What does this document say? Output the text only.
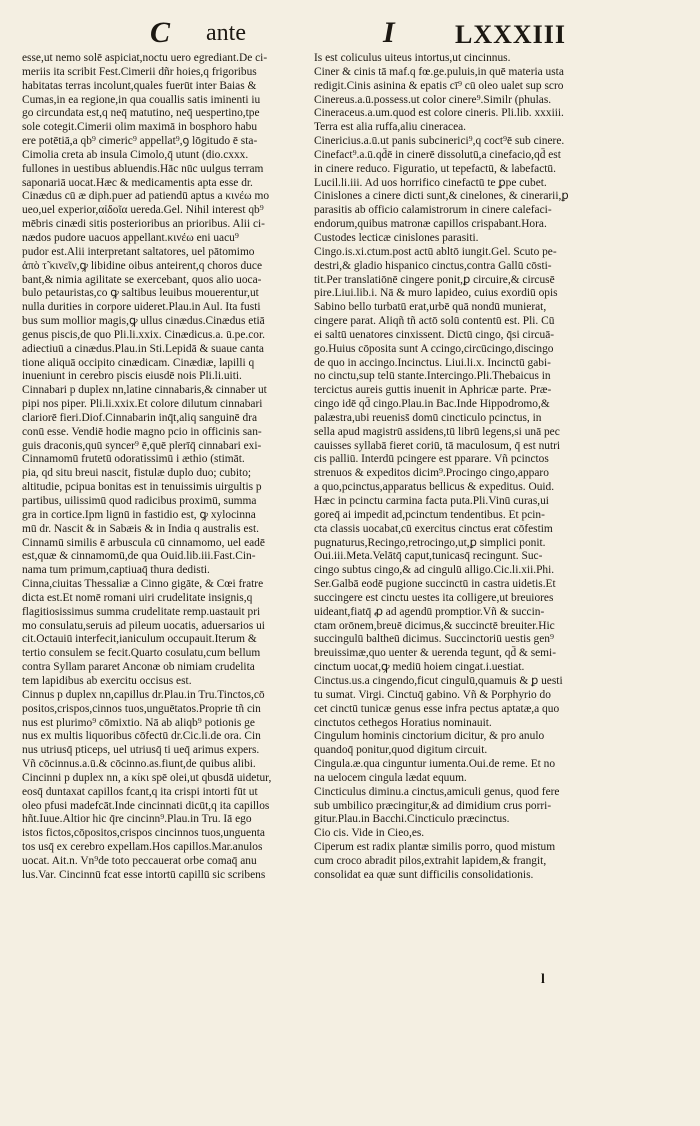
C ante	I LXXXIII
esse,ut nemo solē aspiciat,noctu uero egrediant.De ci-
meriis ita scribit Fest.Cimerii dñr hoies,q frigoribus
habitatas terras incolunt,quales fuerūt inter Baias &
Cumas,in ea regione,in qua couallis satis iminenti iu
go circundata est,q neq̄ matutino, neq̄ uespertino,tpe
sole cotegit.Cimerii olim maximā in bosphoro habu
ere potētiā,a qb⁹ cimeric⁹ appellat⁹,ꝯ lōgitudo ē sta-
Cimolia creta ab insula Cimolo,q̄ utunt (dio.cxxx.
fullones in uestibus abluendis.Hāc nūc uulgus terram
saponariā uocat.Hæc & medicamentis apta esse dr.
Cinædus cū æ diph.puer ad patiendū aptus a κινέω mo
ueo,uel experior,αἰδοῖα uereda.Gel. Nihil interest qb⁹
mēbris cinædi sitis posterioribus an prioribus. Alii ci-
nædos pudore uacuos appellant.κινέω eni uacu⁹
pudor est.Alii interpretant saltatores, uel pātomimo
ἀπὸ τ̃ κινεῖν,ꝙ libidine oibus anteirent,q choros duce
bant,& nimia agilitate se exercebant, quos alio uoca-
bulo petauristas,co ꝙ saltibus leuibus mouerentur,ut
nulla durities in corpore uideret.Plau.in Aul. Ita fusti
bus sum mollior magis,ꝙ ullus cinædus.Cinædus etiā
genus piscis,de quo Pli.li.xxix. Cinædicus.a. ū.pe.cor.
adiectiuū a cinædus.Plau.in Sti.Lepidā & suaue canta
tione aliquā occipito cinædicam. Cinædiæ, lapilli q
inueniunt in cerebro piscis eiusdē nois Pli.li.uiti.
Cinnabari p duplex nn,latine cinnabaris,& cinnaber ut
pipi nos piper. Pli.li.xxix.Et colore dilutum cinnabari
clariorē fieri.Diof.Cinnabarin inq̄t,aliq sanguinē dra
conū esse. Vendiē hodie magno pcio in officinis san-
guis draconis,quū syncer⁹ ē,quē plerīq̄ cinnabari exi-
Cinnamomū frutetū odoratissimū i æthio (stimāt.
pia, qd situ breui nascit, fistulæ duplo duo; cubito;
altitudie, pcipua bonitas est in tenuissimis uirgultis p
partibus, uilissimū quod radicibus proximū, summa
gra in cortice.Ipm lignū in fastidio est, ꝙ xylocinna
mū dr. Nascit & in Sabæis & in India q australis est.
Cinnamū similis ē arbuscula cū cinnamomo, uel eadē
est,quæ & cinnamomū,de qua Ouid.lib.iii.Fast.Cin-
nama tum primum,captiuaq̄ thura dedisti.
Cinna,ciuitas Thessaliæ a Cinno gigāte, & Cœi fratre
dicta est.Et nomē romani uiri crudelitate insignis,q
flagitiosissimus summa crudelitate remp.uastauit pri
mo consulatu,seruis ad pileum uocatis, aduersarios ui
cit.Octauiū interfecit,ianiculum occupauit.Iterum &
tertio consulem se fecit.Quarto cosulatu,cum bellum
contra Syllam pararet Anconæ ob nimiam crudelita
tem lapidibus ab exercitu occisus est.
Cinnus p duplex nn,capillus dr.Plau.in Tru.Tinctos,cō
positos,crispos,cinnos tuos,unguētatos.Proprie tñ cin
nus est plurimo⁹ cōmixtio. Nā ab aliqb⁹ potionis ge
nus ex multis liquoribus cōfectū dr.Cic.li.de ora. Cin
nus utriusq̄ pticeps, uel utriusq̄ ti ueq̄ arimus expers.
Vñ cōcinnus.a.ū.& cōcinno.as.fiunt,de quibus alibi.
Cincinni p duplex nn, a κίκι spē olei,ut qbusdā uidetur,
eosq̄ duntaxat capillos fcant,q ita crispi intorti fūt ut
oleo pfusi madefcāt.Inde cincinnati dicūt,q ita capillos
hñt.Iuue.Altior hic q̄re cincinn⁹.Plau.in Tru. Iā ego
istos fictos,cōpositos,crispos cincinnos tuos,unguenta
tos usq̄ ex cerebro expellam.Hos capillos.Mar.anulos
uocat. Ait.n. Vn⁹de toto peccauerat orbe comaq̄ anu
lus.Var. Cincinnū fcat esse intortū capillū sic scribens
Is est coliculus uiteus intortus,ut cincinnus.
Ciner & cinis tā maf.q fœ.ge.puluis,in quē materia usta
redigit.Cinis asinina & epatis cī⁹ cū oleo ualet sup scro
Cinereus.a.ū.possess.ut color cinere⁹.Similr (phulas.
Cineraceus.a.um.quod est colore cineris. Pli.lib. xxxiii.
Terra est alia ruffa,aliu cineracea.
Cinericius.a.ū.ut panis subcinerici⁹,q coct⁹ē sub cinere.
Cinefact⁹.a.ū.qd̄ē in cinerē dissolutū,a cinefacio,qd̄ est
in cinere reduco. Figuratio, ut tepefactū, & labefactū.
Lucil.li.iii. Ad uos horrifico cinefactū te ꝑpe cubet.
Cinislones a cinere dicti sunt,& cinelones, & cinerarii,ꝑ
parasitis ab officio calamistrorum in cinere calefaci-
endorum,quibus matronæ capillos crispabant.Hora.
Custodes lecticæ cinislones parasiti.
Cingo.is.xi.ctum.post actū abltō iungit.Gel. Scuto pe-
destri,& gladio hispanico cinctus,contra Gallū cōsti-
tit.Per translatiōnē cingere ponit,ꝑ circuire,& circusē
pire.Liui.lib.i. Nā & muro lapideo, cuius exordiū opis
Sabino bello turbatū erat,urbē quā nondū munierat,
cingere parat. Aliqñ tñ actō solū contentū est. Pli. Cū
ei saltū uenatores cinxissent. Dictū cingo, q̄si circuā-
go.Huius cōposita sunt A ccingo,circūcingo,discingo
de quo in accingo.Incinctus. Liui.li.x. Incinctū gabi-
no cinctu,sup telū stante.Intercingo.Pli.Thebaicus in
tercictus aureis guttis inuenit in Aphricæ parte. Præ-
cingo idē qd̄ cingo.Plau.in Bac.Inde Hippodromo,&
palæstra,ubi reueniss̄ domū cincticulo pcinctus, in
sella apud magistrū assidens,tū librū legens,si unā pec
cauisses syllabā fieret coriū, tā maculosum, q̄ est nutri
cis palliū. Interdū pcingere est pparare. Vñ pcinctos
strenuos & expeditos dicim⁹.Procingo cingo,apparo
a quo,pcinctus,apparatus bellicus & expeditus. Ouid.
Hæc in pcinctu carmina facta puta.Pli.Vinū curas,ui
goreq̄ ai impedit ad,pcinctum tendentibus. Et pcin-
cta classis uocabat,cū exercitus cinctus erat cōfestim
pugnaturus,Recingo,retrocingo,ut,ꝑ simplici ponit.
Oui.iii.Meta.Velātq̄ caput,tunicasq̄ recingunt. Suc-
cingo subtus cingo,& ad cingulū alligo.Cic.li.xii.Phi.
Ser.Galbā eodē pugione succinctū in castra uidetis.Et
succingere est cinctu uestes ita colligere,ut breuiores
uideant,fiatq̄ ꝓ ad agendū promptior.Vñ & succin-
ctam orōnem,breuē dicimus,& succinctē breuiter.Hic
succingulū baltheū dicimus. Succinctoriū uestis gen⁹
breuissimæ,quo uenter & uerenda tegunt, qd̄ & semi-
cinctum uocat,ꝙ mediū hoiem cingat.i.uestiat.
Cinctus.us.a cingendo,ficut cingulū,quamuis & ꝑ uesti
tu sumat. Virgi. Cinctuq̄ gabino. Vñ & Porphyrio do
cet cinctū tunicæ genus esse infra pectus aptatæ,a quo
cinctutos cethegos Horatius nominauit.
Cingulum hominis cinctorium dicitur, & pro anulo
quandoq̄ ponitur,quod digitum circuit.
Cingula.æ.qua cinguntur iumenta.Oui.de reme. Et no
na uelocem cingula lædat equum.
Cincticulus diminu.a cinctus,amiculi genus, quod fere
sub umbilico præcingitur,& ad dimidium crus porri-
gitur.Plau.in Bacchi.Cincticulo præcinctus.
Cio cis. Vide in Cieo,es.
Ciperum est radix plantæ similis porro, quod mistum
cum croco abradit pilos,extrahit lapidem,& frangit,
consolidat ea quæ sunt difficilis consolidationis.
l
